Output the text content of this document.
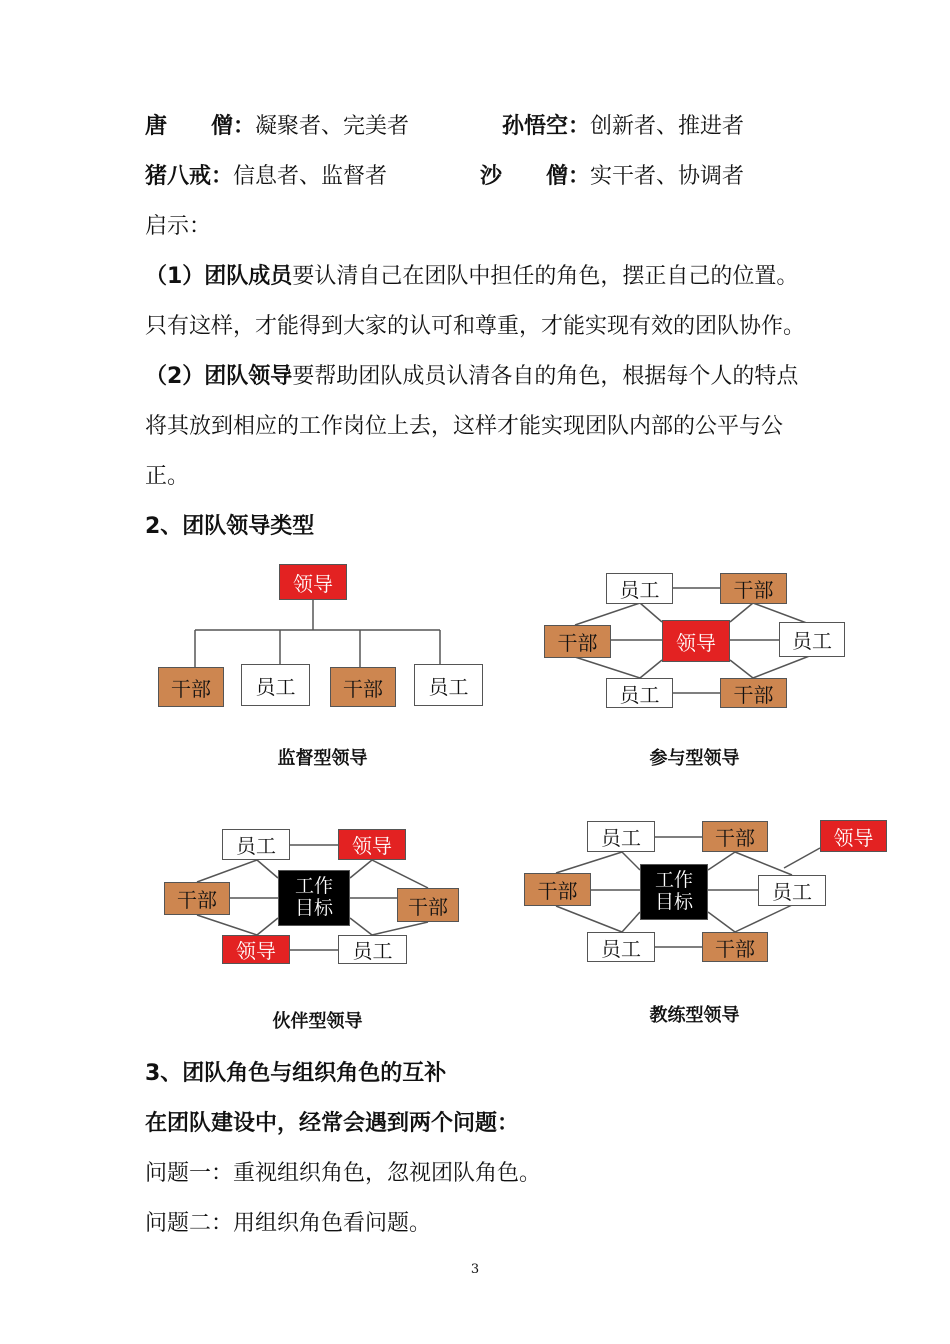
唐　　僧：凝聚者、完美者	孙悟空：创新者、推进者
猪八戒：信息者、监督者	沙　　僧：实干者、协调者
启示：
（1）团队成员要认清自己在团队中担任的角色，摆正自己的位置。
只有这样，才能得到大家的认可和尊重，才能实现有效的团队协作。
（2）团队领导要帮助团队成员认清各自的角色，根据每个人的特点
将其放到相应的工作岗位上去，这样才能实现团队内部的公平与公
正。
2、团队领导类型
领导
干部	员工	干部	员工
监督型领导
员工	干部
干部	领导	员工
员工	干部
参与型领导
员工	领导
干部
工作
目标	干部
领导	员工
伙伴型领导
员工	干部	领导
干部	工作
目标	员工
员工	干部
教练型领导
3、团队角色与组织角色的互补
在团队建设中，经常会遇到两个问题：
问题一：重视组织角色，忽视团队角色。
问题二：用组织角色看问题。
3
